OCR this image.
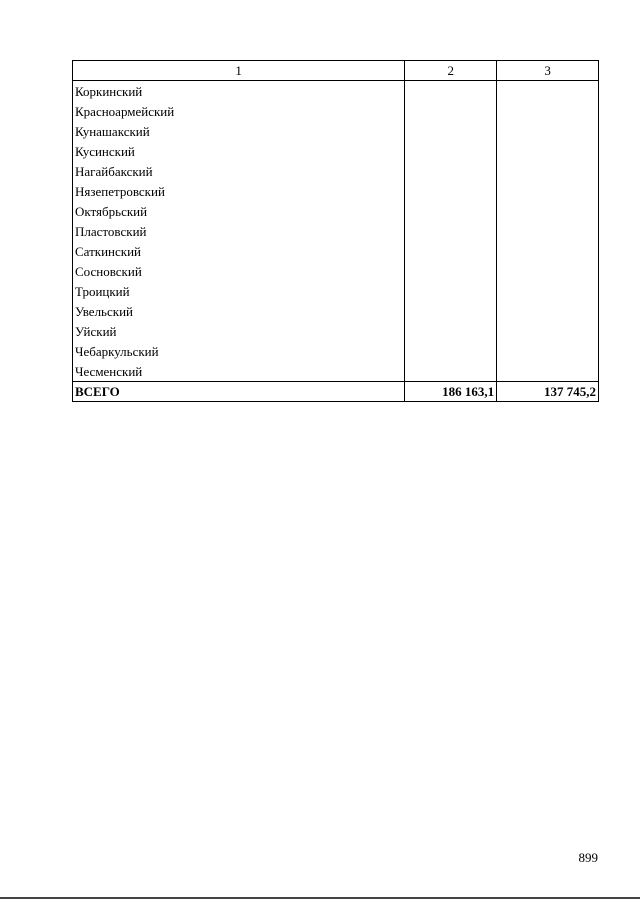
1	2	3
Коркинский		
Красноармейский		
Кунашакский		
Кусинский		
Нагайбакский		
Нязепетровский		
Октябрьский		
Пластовский		
Саткинский		
Сосновский		
Троицкий		
Увельский		
Уйский		
Чебаркульский		
Чесменский		
ВСЕГО	186 163,1	137 745,2
899
